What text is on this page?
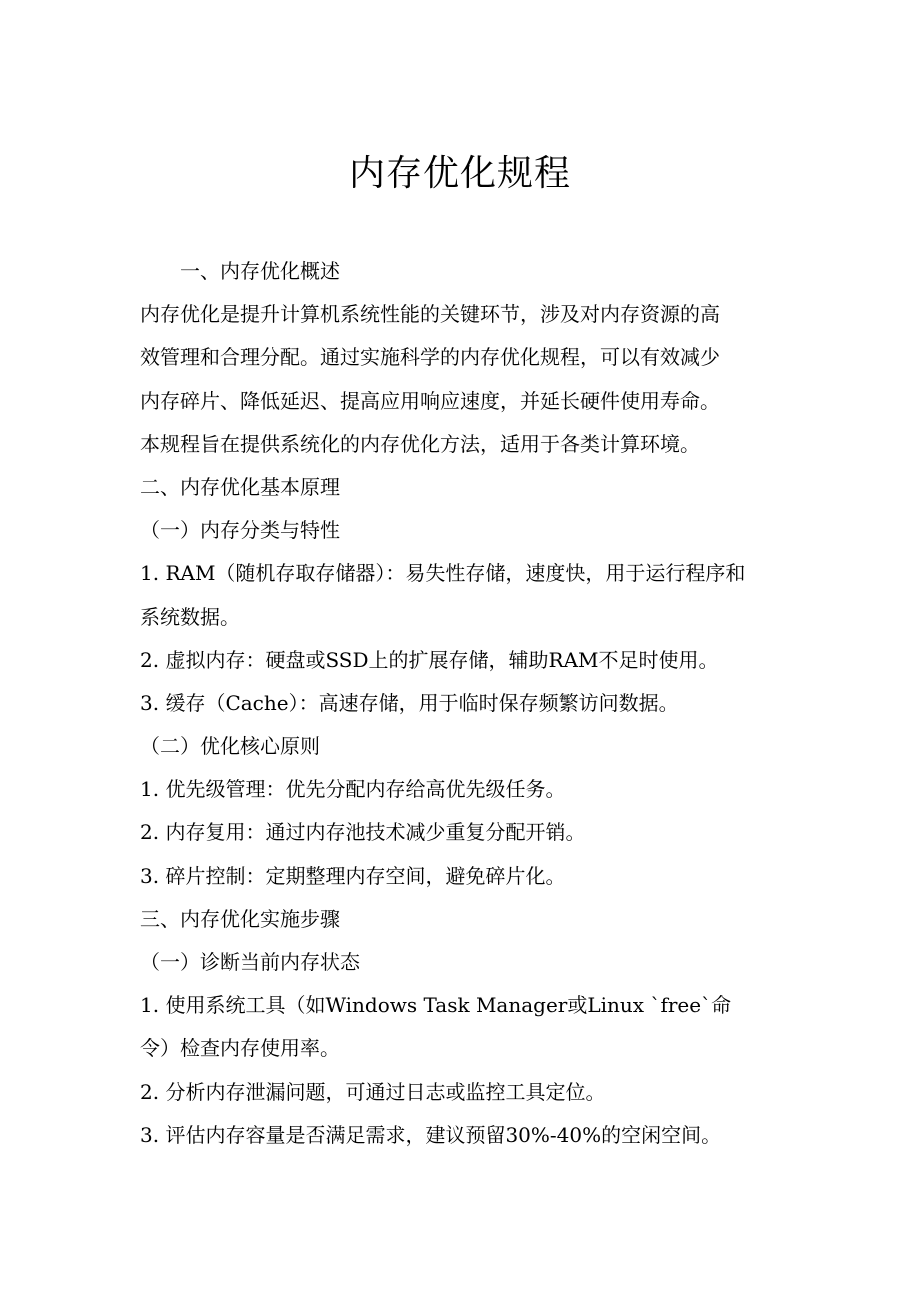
内存优化规程
一、内存优化概述
内存优化是提升计算机系统性能的关键环节，涉及对内存资源的高
效管理和合理分配。通过实施科学的内存优化规程，可以有效减少
内存碎片、降低延迟、提高应用响应速度，并延长硬件使用寿命。
本规程旨在提供系统化的内存优化方法，适用于各类计算环境。
二、内存优化基本原理
（一）内存分类与特性
1. RAM（随机存取存储器）：易失性存储，速度快，用于运行程序和
系统数据。
2. 虚拟内存：硬盘或SSD上的扩展存储，辅助RAM不足时使用。
3. 缓存（Cache）：高速存储，用于临时保存频繁访问数据。
（二）优化核心原则
1. 优先级管理：优先分配内存给高优先级任务。
2. 内存复用：通过内存池技术减少重复分配开销。
3. 碎片控制：定期整理内存空间，避免碎片化。
三、内存优化实施步骤
（一）诊断当前内存状态
1. 使用系统工具（如Windows Task Manager或Linux `free`命
令）检查内存使用率。
2. 分析内存泄漏问题，可通过日志或监控工具定位。
3. 评估内存容量是否满足需求，建议预留30%-40%的空闲空间。
